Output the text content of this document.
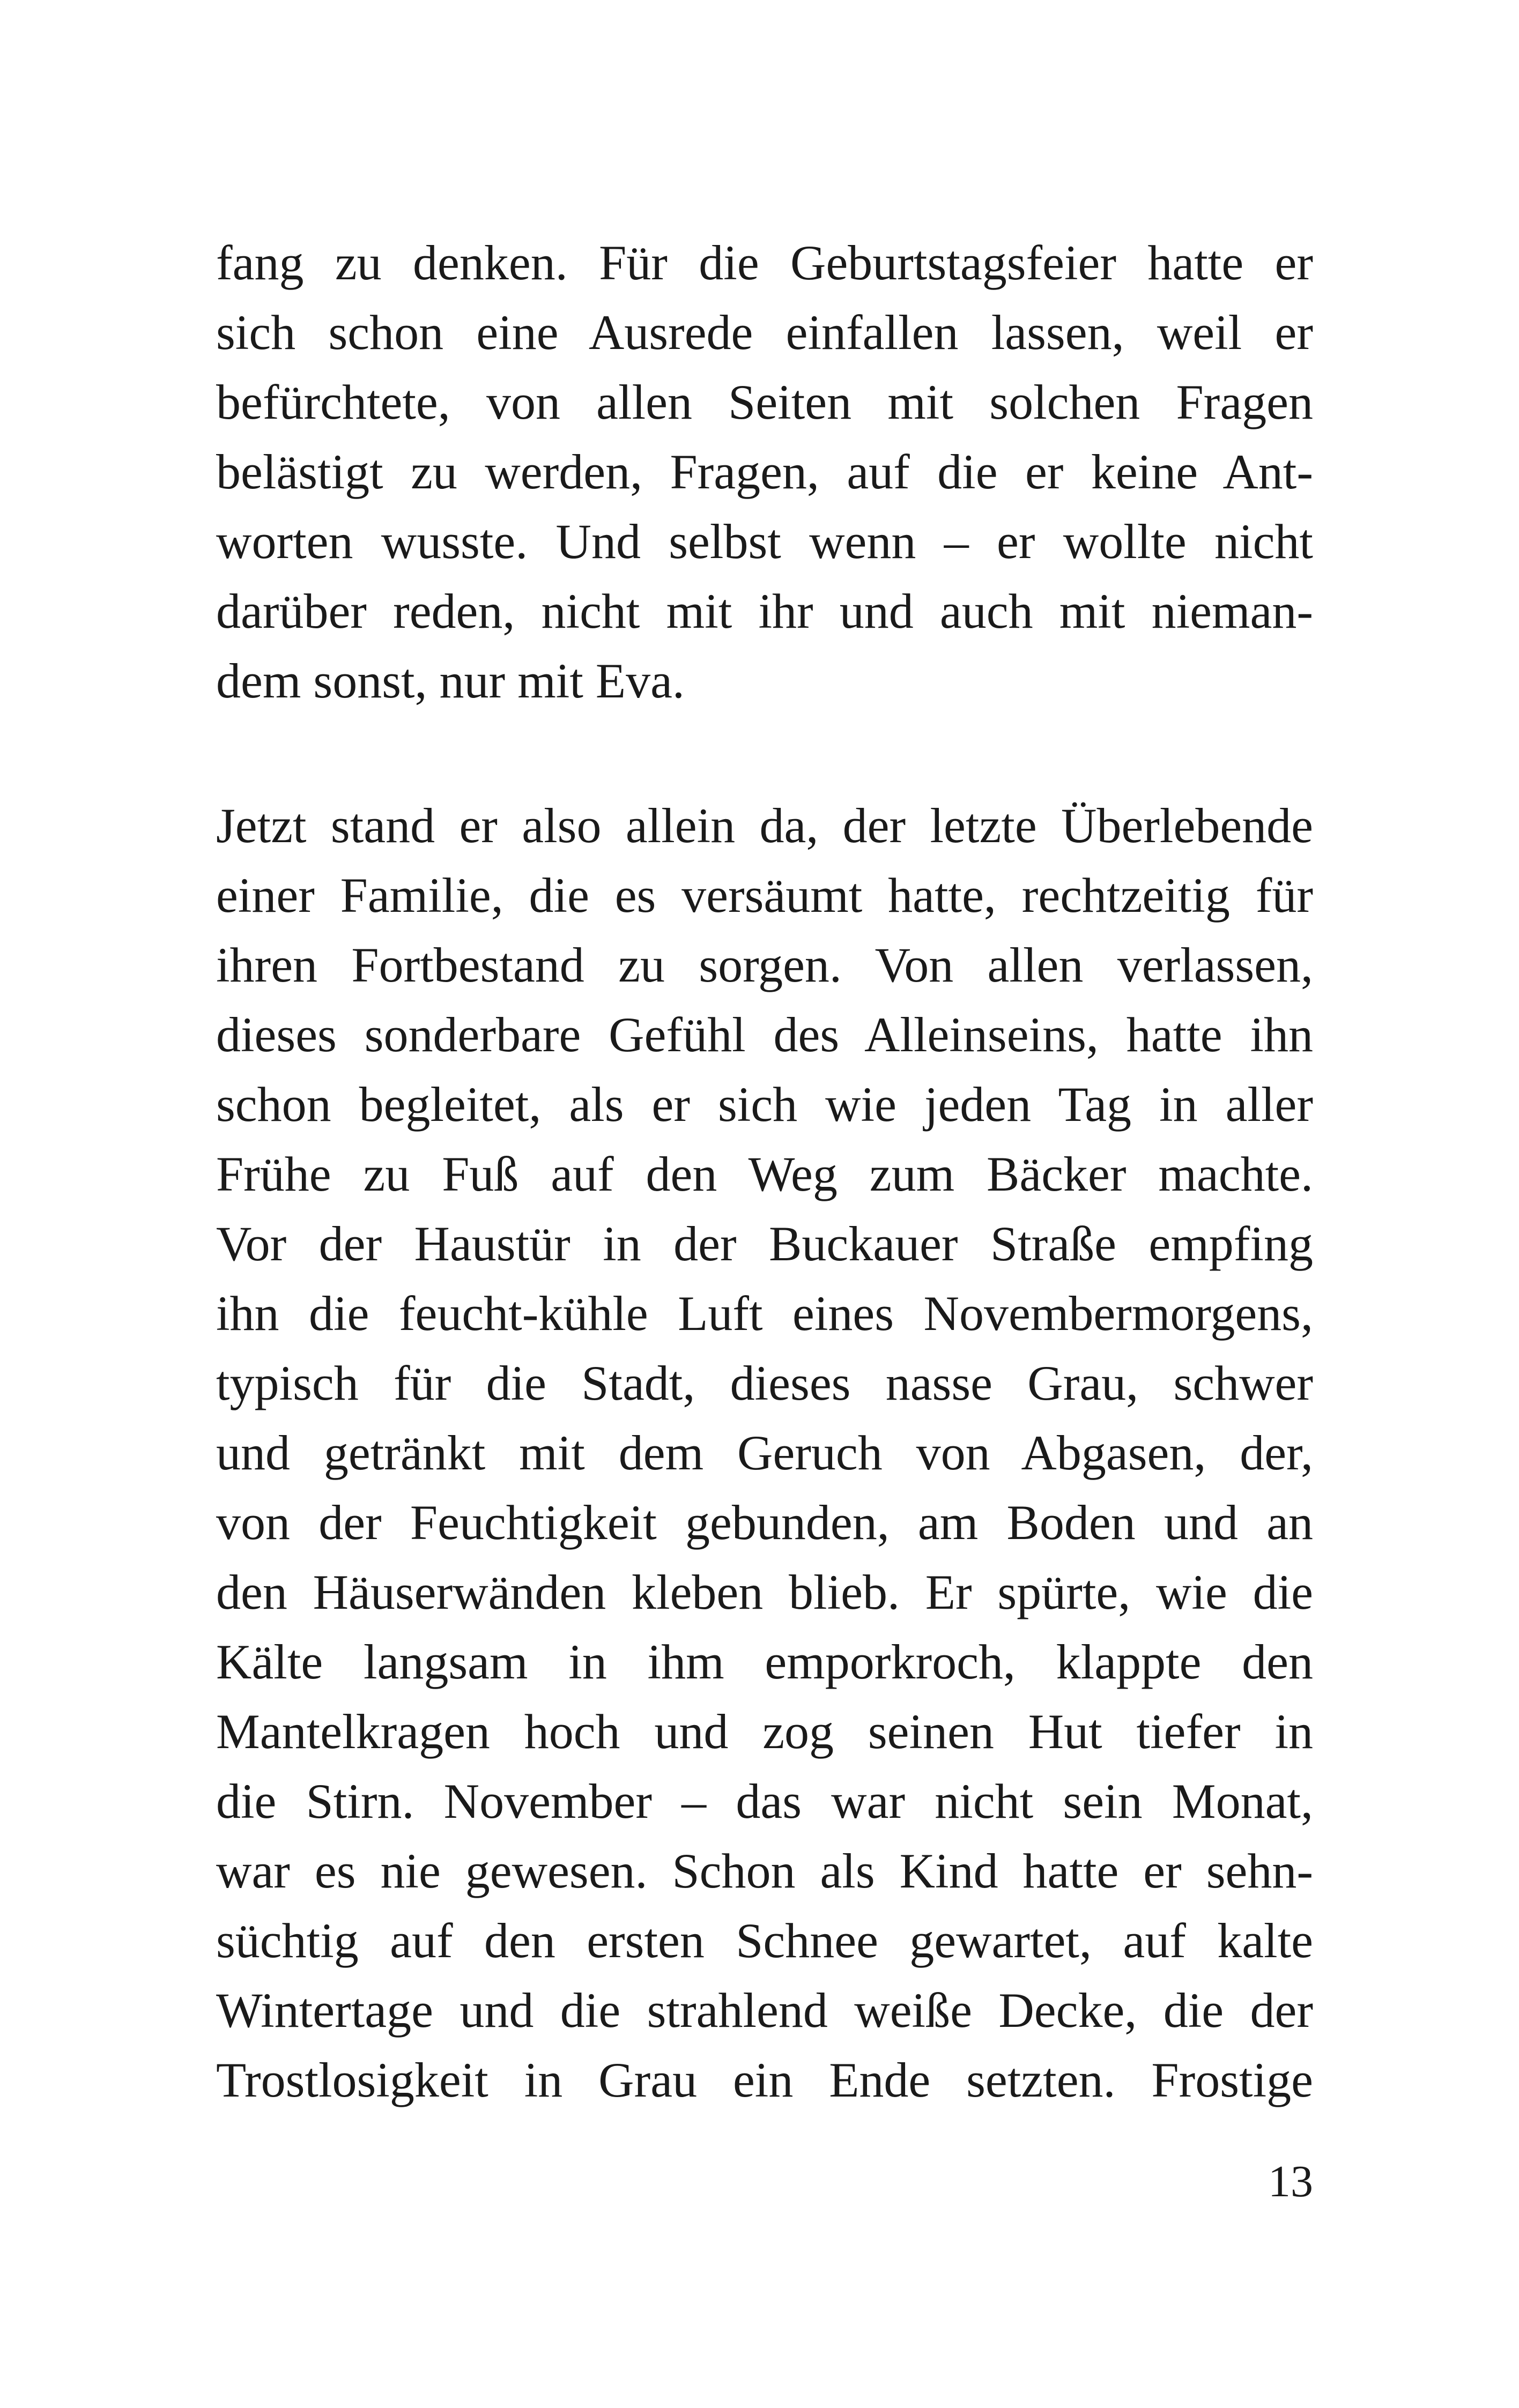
fang zu denken. Für die Geburtstagsfeier hatte er
sich schon eine Ausrede einfallen lassen, weil er
befürchtete, von allen Seiten mit solchen Fragen
belästigt zu werden, Fragen, auf die er keine Ant-
worten wusste. Und selbst wenn – er wollte nicht
darüber reden, nicht mit ihr und auch mit nieman-
dem sonst, nur mit Eva.
Jetzt stand er also allein da, der letzte Überlebende
einer Familie, die es versäumt hatte, rechtzeitig für
ihren Fortbestand zu sorgen. Von allen verlassen,
dieses sonderbare Gefühl des Alleinseins, hatte ihn
schon begleitet, als er sich wie jeden Tag in aller
Frühe zu Fuß auf den Weg zum Bäcker machte.
Vor der Haustür in der Buckauer Straße empfing
ihn die feucht-kühle Luft eines Novembermorgens,
typisch für die Stadt, dieses nasse Grau, schwer
und getränkt mit dem Geruch von Abgasen, der,
von der Feuchtigkeit gebunden, am Boden und an
den Häuserwänden kleben blieb. Er spürte, wie die
Kälte langsam in ihm emporkroch, klappte den
Mantelkragen hoch und zog seinen Hut tiefer in
die Stirn. November – das war nicht sein Monat,
war es nie gewesen. Schon als Kind hatte er sehn-
süchtig auf den ersten Schnee gewartet, auf kalte
Wintertage und die strahlend weiße Decke, die der
Trostlosigkeit in Grau ein Ende setzten. Frostige
13
